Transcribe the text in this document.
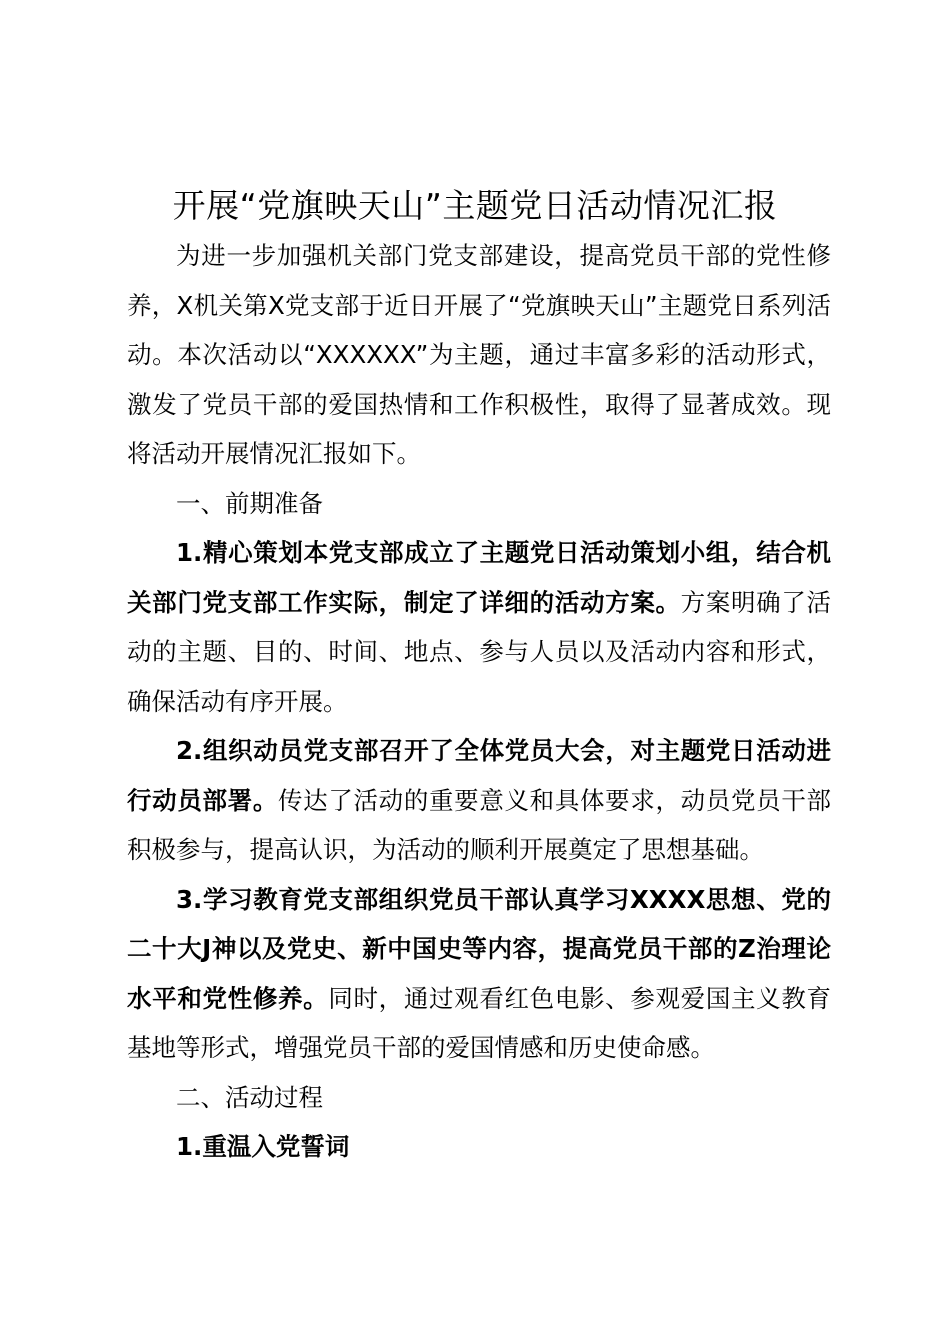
开展“党旗映天山”主题党日活动情况汇报

为进一步加强机关部门党支部建设，提高党员干部的党性修养，X机关第X党支部于近日开展了“党旗映天山”主题党日系列活动。本次活动以“XXXXXX”为主题，通过丰富多彩的活动形式，激发了党员干部的爱国热情和工作积极性，取得了显著成效。现将活动开展情况汇报如下。

一、前期准备

1.精心策划本党支部成立了主题党日活动策划小组，结合机关部门党支部工作实际，制定了详细的活动方案。方案明确了活动的主题、目的、时间、地点、参与人员以及活动内容和形式，确保活动有序开展。

2.组织动员党支部召开了全体党员大会，对主题党日活动进行动员部署。传达了活动的重要意义和具体要求，动员党员干部积极参与，提高认识，为活动的顺利开展奠定了思想基础。

3.学习教育党支部组织党员干部认真学习XXXX思想、党的二十大J神以及党史、新中国史等内容，提高党员干部的Z治理论水平和党性修养。同时，通过观看红色电影、参观爱国主义教育基地等形式，增强党员干部的爱国情感和历史使命感。

二、活动过程

1.重温入党誓词
